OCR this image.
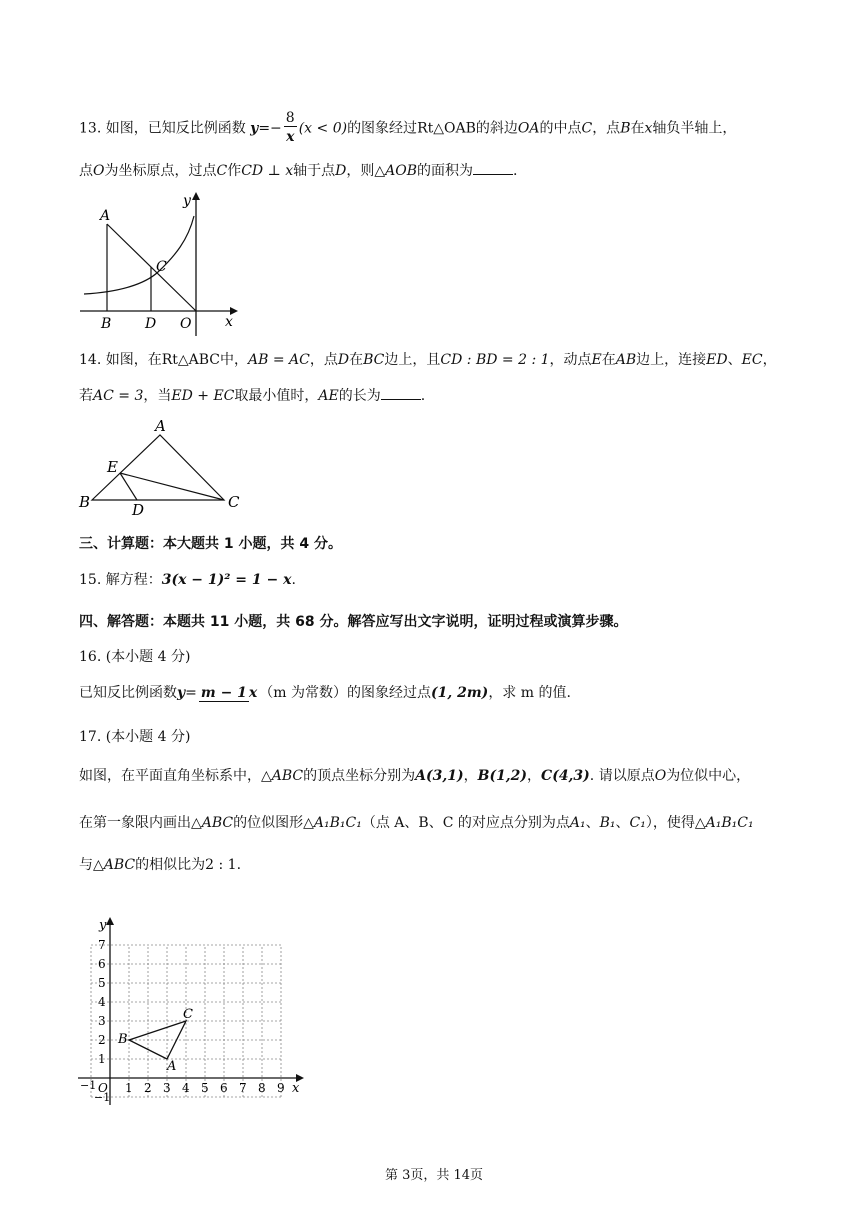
13. 如图，已知反比例函数 $y=- \frac{8}{x} (x < 0)$的图象经过Rt△OAB的斜边OA的中点C，点B在x轴负半轴上，
点O为坐标原点，过点C作CD ⊥ x轴于点D，则△AOB的面积为	.
A
C
B D O x
y
14. 如图，在Rt△ABC中，AB = AC，点D在BC边上，且CD : BD = 2 : 1，动点E在AB边上，连接ED、EC，
若AC = 3，当ED + EC取最小值时，AE的长为	.
A
E
B	D	C
三、计算题：本大题共 1 小题，共 4 分。
15. 解方程：3(x − 1)² = 1 − x.
四、解答题：本题共 11 小题，共 68 分。解答应写出文字说明，证明过程或演算步骤。
16. (本小题 4 分)
已知反比例函数y= m − 1 x （m 为常数）的图象经过点(1, 2m)，求 m 的值.
17. (本小题 4 分)
如图，在平面直角坐标系中，△ABC的顶点坐标分别为A(3,1)，B(1,2)，C(4,3). 请以原点O为位似中心，
在第一象限内画出△ABC的位似图形△A₁B₁C₁（点 A、B、C 的对应点分别为点A₁、B₁、C₁），使得△A₁B₁C₁
与△ABC的相似比为2 : 1.
1 2 3 4 5 6 7 8 9
7
6
5
4
3
2
1
x
y
O
−1
−1
A
B
C
第 3页，共 14页
